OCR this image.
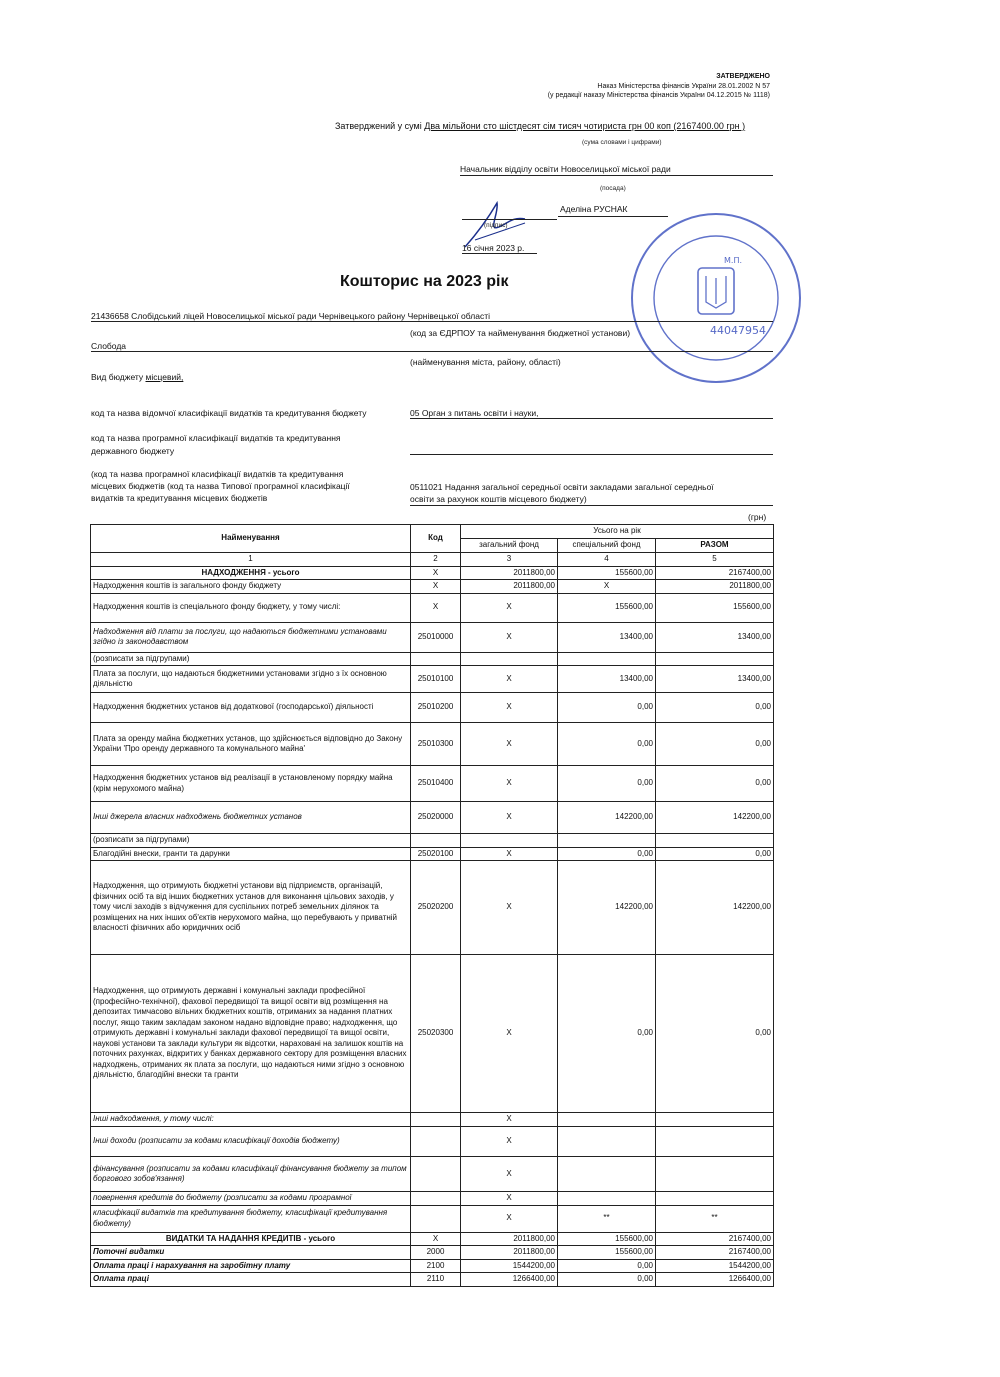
ЗАТВЕРДЖЕНО
Наказ Міністерства фінансів України 28.01.2002 N 57
(у редакції наказу Міністерства фінансів України 04.12.2015 № 1118)
Затверджений у сумі Два мільйони сто шістдесят сім тисяч чотириста грн 00 коп (2167400.00 грн )
(сума словами і цифрами)
Начальник відділу освіти Новоселицької міської ради
(посада)
(підпис)
Аделіна РУСНАК
16 січня 2023 р.
М.П.
44047954
Кошторис на 2023 рік
21436658 Слобідський ліцей Новоселицької міської ради Чернівецького району Чернівецької області
(код за ЄДРПОУ та найменування бюджетної установи)
Слобода
(найменування міста, району, області)
Вид бюджету місцевий,
код та назва відомчої класифікації видатків та кредитування бюджету	05 Орган з питань освіти і науки,
код та назва програмної класифікації видатків та кредитування
державного бюджету
(код та назва програмної класифікації видатків та кредитування
місцевих бюджетів (код та назва Типової програмної класифікації
видатків та кредитування місцевих бюджетів
0511021 Надання загальної середньої освіти закладами загальної середньої
освіти за рахунок коштів місцевого бюджету)
(грн)
Найменування	Код	Усього на рік		
		загальний фонд	спеціальний фонд	РАЗОМ
1	2	3	4	5
НАДХОДЖЕННЯ - усього	X	2011800,00	155600,00	2167400,00
Надходження коштів із загального фонду бюджету	X	2011800,00	X	2011800,00
Надходження коштів із спеціального фонду бюджету, у тому числі:	X	X	155600,00	155600,00
Надходження від плати за послуги, що надаються бюджетними установами згідно із законодавством	25010000	X	13400,00	13400,00
(розписати за підгрупами)				
Плата за послуги, що надаються бюджетними установами згідно з їх основною діяльністю	25010100	X	13400,00	13400,00
Надходження бюджетних установ від додаткової (господарської) діяльності	25010200	X	0,00	0,00
Плата за оренду майна бюджетних установ, що здійснюється відповідно до Закону України 'Про оренду державного та комунального майна'	25010300	X	0,00	0,00
Надходження бюджетних установ від реалізації в установленому порядку майна (крім нерухомого майна)	25010400	X	0,00	0,00
Інші джерела власних надходжень бюджетних установ	25020000	X	142200,00	142200,00
(розписати за підгрупами)				
Благодійні внески, гранти та дарунки	25020100	X	0,00	0,00
Надходження, що отримують бюджетні установи від підприємств, організацій, фізичних осіб та від інших бюджетних установ для виконання цільових заходів, у тому числі заходів з відчуження для суспільних потреб земельних ділянок та розміщених на них інших об'єктів нерухомого майна, що перебувають у приватній власності фізичних або юридичних осіб	25020200	X	142200,00	142200,00
Надходження, що отримують державні і комунальні заклади професійної (професійно-технічної), фахової передвищої та вищої освіти від розміщення на депозитах тимчасово вільних бюджетних коштів, отриманих за надання платних послуг, якщо таким закладам законом надано відповідне право; надходження, що отримують державні і комунальні заклади фахової передвищої та вищої освіти, наукові установи та заклади культури як відсотки, нараховані на залишок коштів на поточних рахунках, відкритих у банках державного сектору для розміщення власних надходжень, отриманих як плата за послуги, що надаються ними згідно з основною діяльністю, благодійні внески та гранти	25020300	X	0,00	0,00
Інші надходження, у тому числі:		X		
Інші доходи (розписати за кодами класифікації доходів бюджету)		X		
фінансування (розписати за кодами класифікації фінансування бюджету за типом боргового зобов'язання)		X		
повернення кредитів до бюджету (розписати за кодами програмної		X		
класифікації видатків та кредитування бюджету, класифікації кредитування бюджету)		X	**	**
ВИДАТКИ ТА НАДАННЯ КРЕДИТІВ - усього	X	2011800,00	155600,00	2167400,00
Поточні видатки	2000	2011800,00	155600,00	2167400,00
Оплата праці і нарахування на заробітну плату	2100	1544200,00	0,00	1544200,00
Оплата праці	2110	1266400,00	0,00	1266400,00
